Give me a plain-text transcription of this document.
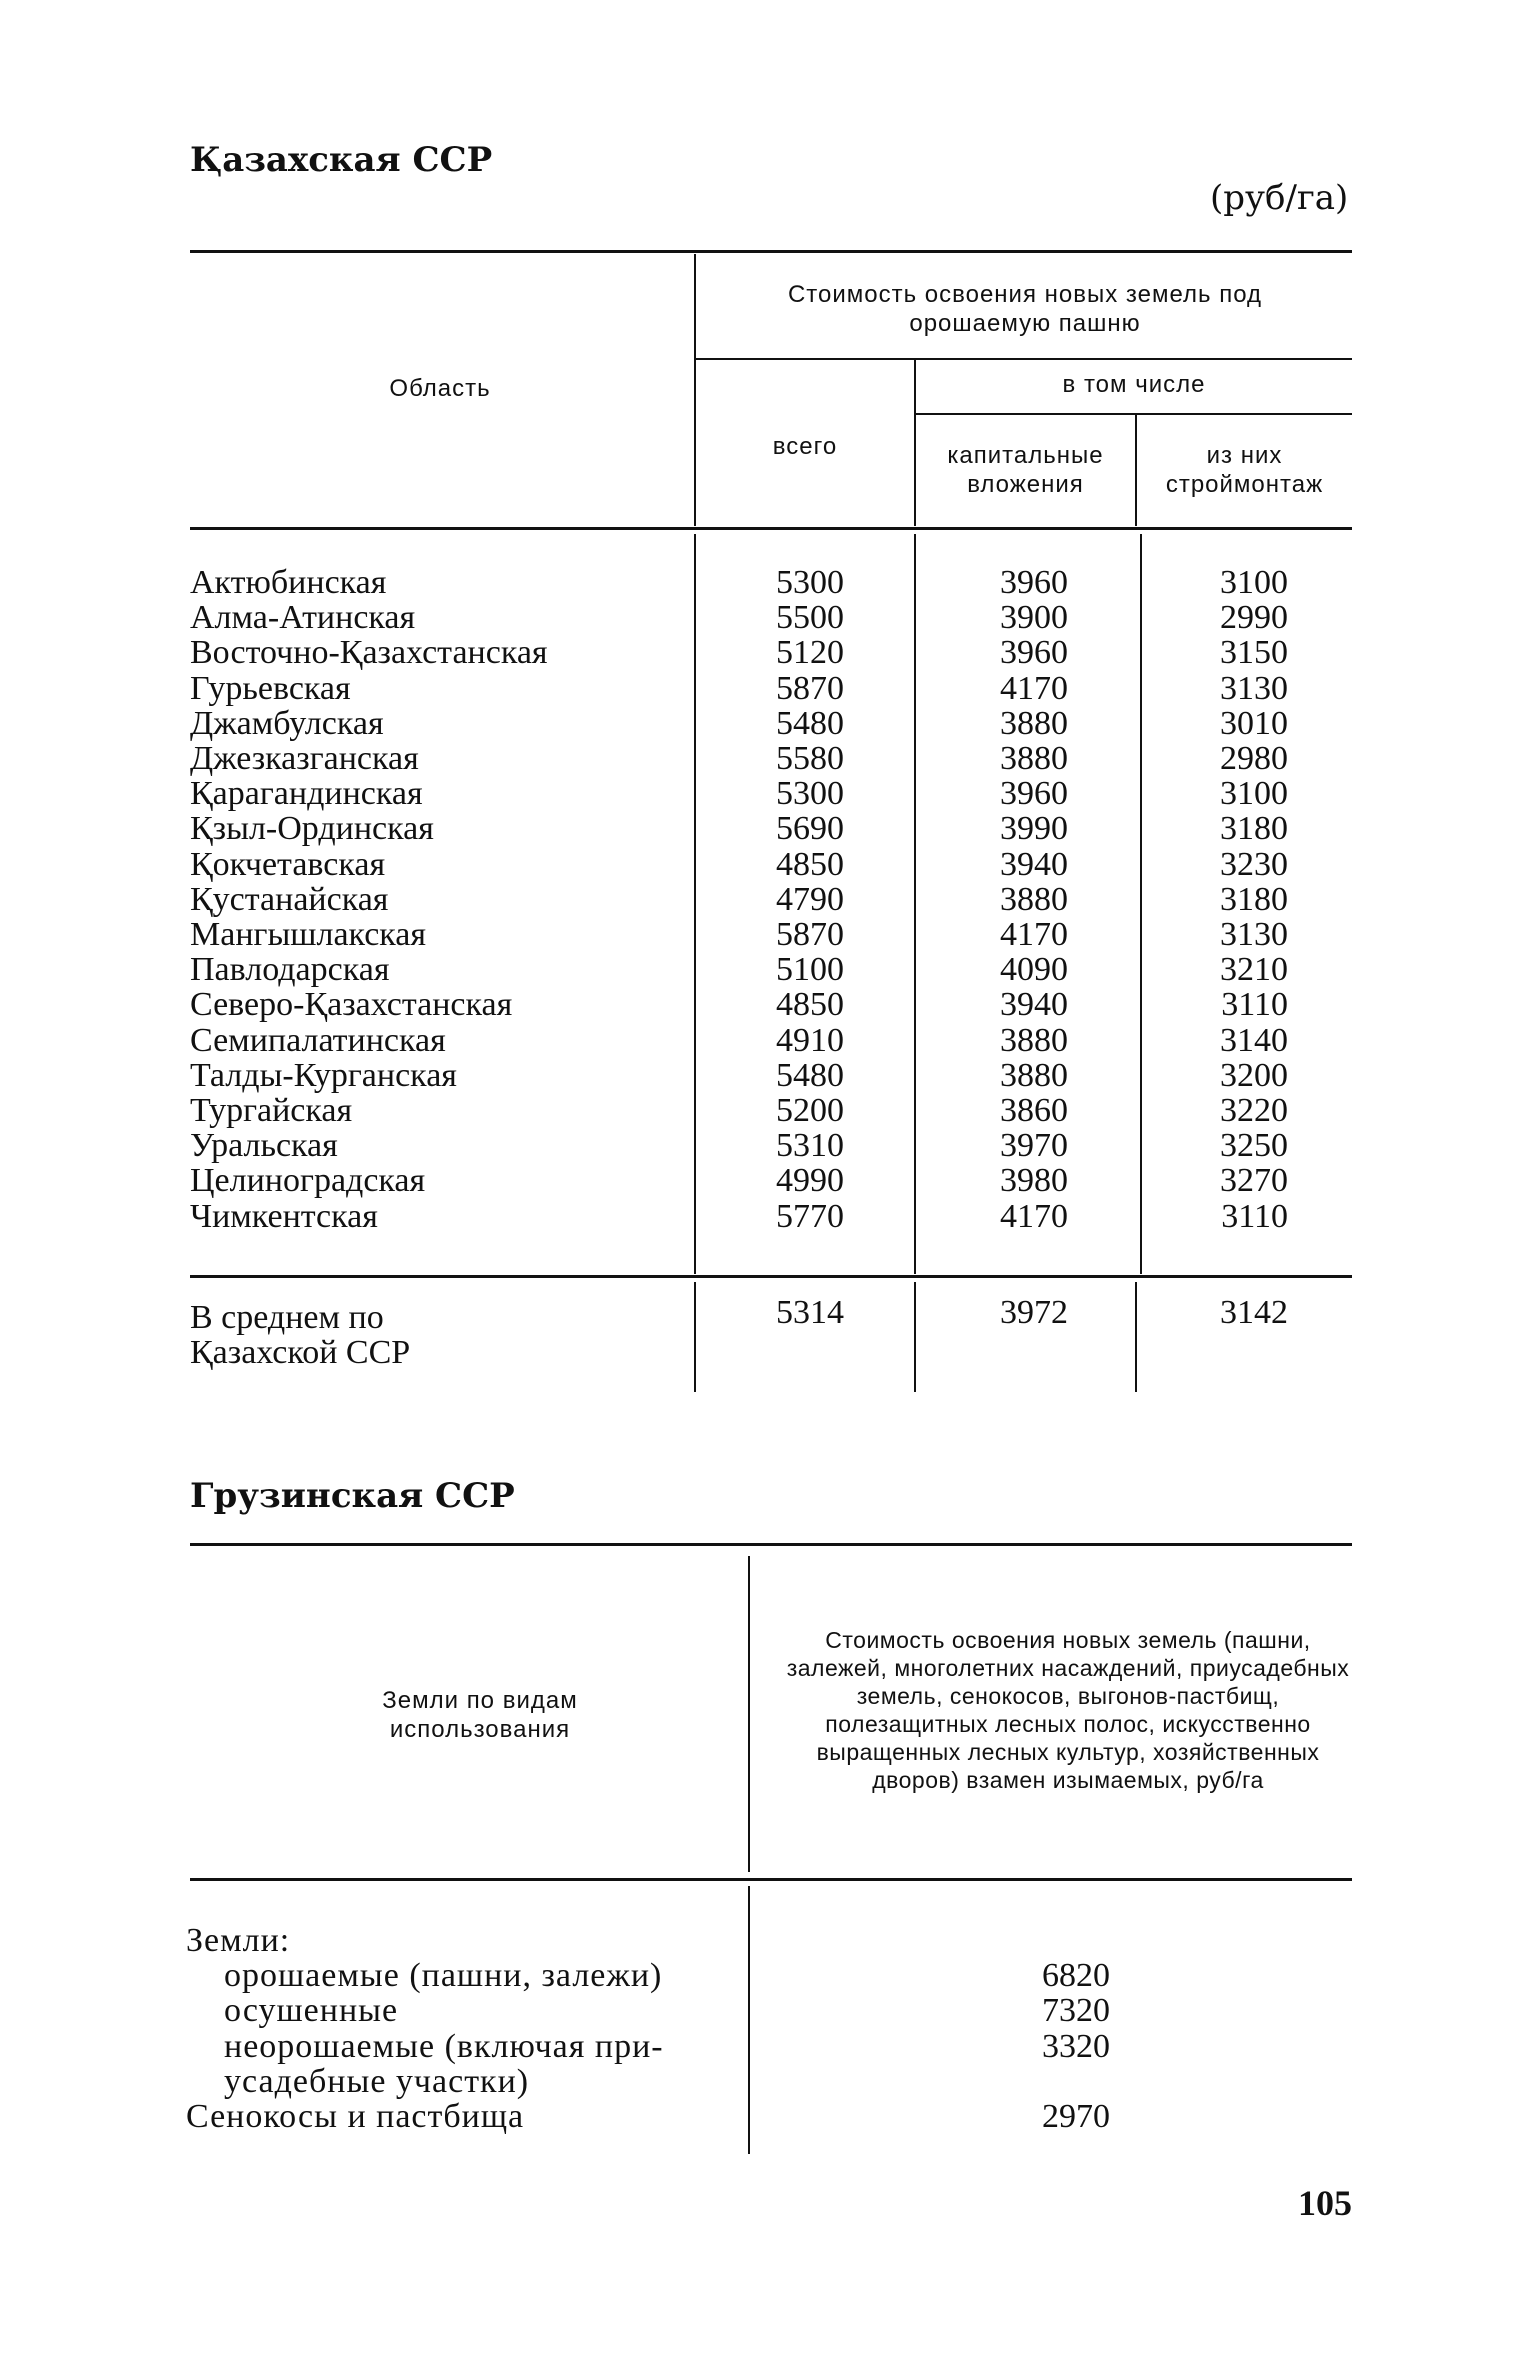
Қазахская ССР
(руб/га)
Область
Стоимость освоения новых земель под орошаемую пашню
всего
в том числе
капитальные вложения
из них строймонтаж
Актюбинская
Алма-Атинская
Восточно-Қазахстанская
Гурьевская
Джамбулская
Джезказганская
Қарагандинская
Қзыл-Ординская
Қокчетавская
Қустанайская
Мангышлакская
Павлодарская
Северо-Қазахстанская
Семипалатинская
Талды-Курганская
Тургайская
Уральская
Целиноградская
Чимкентская
5300
5500
5120
5870
5480
5580
5300
5690
4850
4790
5870
5100
4850
4910
5480
5200
5310
4990
5770
3960
3900
3960
4170
3880
3880
3960
3990
3940
3880
4170
4090
3940
3880
3880
3860
3970
3980
4170
3100
2990
3150
3130
3010
2980
3100
3180
3230
3180
3130
3210
3110
3140
3200
3220
3250
3270
3110
В среднем по
Қазахской ССР
5314	3972	3142
Грузинская ССР
Земли по видам использования
Стоимость освоения новых земель (пашни, залежей, многолетних насаждений, приусадебных земель, сенокосов, выгонов-пастбищ, полезащитных лесных полос, искусственно выращенных лесных культур, хозяйственных дворов) взамен изымаемых, руб/га
Земли:
орошаемые (пашни, залежи)
осушенные
неорошаемые (включая при-
усадебные участки)
Сенокосы и пастбища

6820
7320
3320

2970
105
